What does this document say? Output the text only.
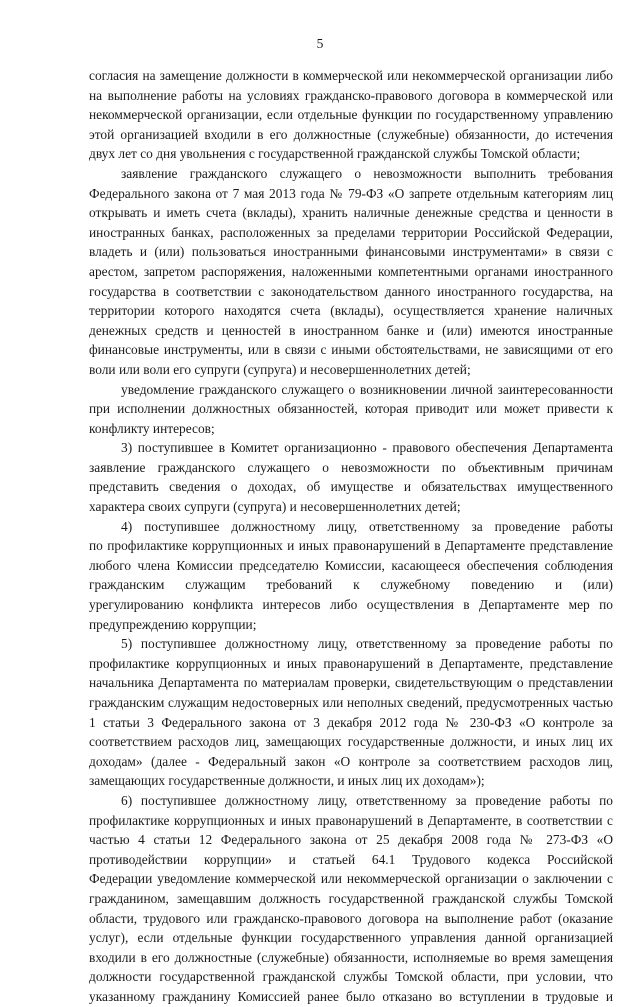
5
согласия на замещение должности в коммерческой или некоммерческой организации либо
на выполнение работы на условиях гражданско-правового договора в коммерческой или
некоммерческой организации, если отдельные функции по государственному управлению
этой организацией входили в его должностные (служебные) обязанности, до истечения
двух лет со дня увольнения с государственной гражданской службы Томской области;
заявление гражданского служащего о невозможности выполнить требования
Федерального закона от 7 мая 2013 года № 79-ФЗ «О запрете отдельным категориям лиц
открывать и иметь счета (вклады), хранить наличные денежные средства и ценности в
иностранных банках, расположенных за пределами территории Российской Федерации,
владеть и (или) пользоваться иностранными финансовыми инструментами» в связи с
арестом, запретом распоряжения, наложенными компетентными органами иностранного
государства в соответствии с законодательством данного иностранного государства, на
территории которого находятся счета (вклады), осуществляется хранение наличных
денежных средств и ценностей в иностранном банке и (или) имеются иностранные
финансовые инструменты, или в связи с иными обстоятельствами, не зависящими от его
воли или воли его супруги (супруга) и несовершеннолетних детей;
уведомление гражданского служащего о возникновении личной заинтересованности
при исполнении должностных обязанностей, которая приводит или может привести к
конфликту интересов;
3) поступившее в Комитет организационно - правового обеспечения Департамента
заявление гражданского служащего о невозможности по объективным причинам
представить сведения о доходах, об имуществе и обязательствах имущественного
характера своих супруги (супруга) и несовершеннолетних детей;
4) поступившее должностному лицу, ответственному за проведение работы
по профилактике коррупционных и иных правонарушений в Департаменте представление
любого члена Комиссии председателю Комиссии, касающееся обеспечения соблюдения
гражданским служащим требований к служебному поведению и (или)
урегулированию конфликта интересов либо осуществления в Департаменте мер по
предупреждению коррупции;
5) поступившее должностному лицу, ответственному за проведение работы по
профилактике коррупционных и иных правонарушений в Департаменте, представление
начальника Департамента по материалам проверки, свидетельствующим о представлении
гражданским служащим недостоверных или неполных сведений, предусмотренных частью
1 статьи 3 Федерального закона от 3 декабря 2012 года № 230-ФЗ «О контроле за
соответствием расходов лиц, замещающих государственные должности, и иных лиц их
доходам» (далее - Федеральный закон «О контроле за соответствием расходов лиц,
замещающих государственные должности, и иных лиц их доходам»);
6) поступившее должностному лицу, ответственному за проведение работы по
профилактике коррупционных и иных правонарушений в Департаменте, в соответствии с
частью 4 статьи 12 Федерального закона от 25 декабря 2008 года № 273-ФЗ «О
противодействии коррупции» и статьей 64.1 Трудового кодекса Российской
Федерации уведомление коммерческой или некоммерческой организации о заключении с
гражданином, замещавшим должность государственной гражданской службы Томской
области, трудового или гражданско-правового договора на выполнение работ (оказание
услуг), если отдельные функции государственного управления данной организацией
входили в его должностные (служебные) обязанности, исполняемые во время замещения
должности государственной гражданской службы Томской области, при условии, что
указанному гражданину Комиссией ранее было отказано во вступлении в трудовые и
